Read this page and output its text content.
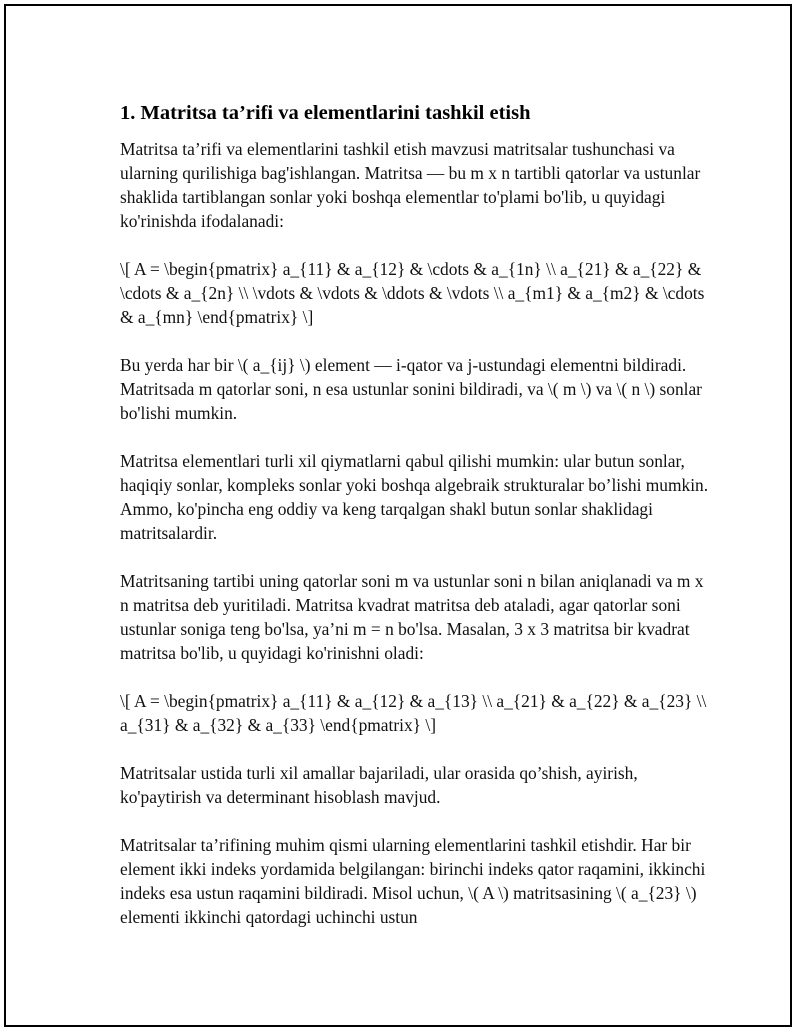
1. Matritsa ta’rifi va elementlarini tashkil etish

Matritsa ta’rifi va elementlarini tashkil etish mavzusi matritsalar tushunchasi va ularning qurilishiga bag'ishlangan. Matritsa — bu m x n tartibli qatorlar va ustunlar shaklida tartiblangan sonlar yoki boshqa elementlar to'plami bo'lib, u quyidagi ko'rinishda ifodalanadi:

\[ A = \begin{pmatrix} a_{11} & a_{12} & \cdots & a_{1n} \\ a_{21} & a_{22} & \cdots & a_{2n} \\ \vdots & \vdots & \ddots & \vdots \\ a_{m1} & a_{m2} & \cdots & a_{mn} \end{pmatrix} \]

Bu yerda har bir \( a_{ij} \) element — i-qator va j-ustundagi elementni bildiradi. Matritsada m qatorlar soni, n esa ustunlar sonini bildiradi, va \( m \) va \( n \) sonlar bo'lishi mumkin.

Matritsa elementlari turli xil qiymatlarni qabul qilishi mumkin: ular butun sonlar, haqiqiy sonlar, kompleks sonlar yoki boshqa algebraik strukturalar bo’lishi mumkin. Ammo, ko'pincha eng oddiy va keng tarqalgan shakl butun sonlar shaklidagi matritsalardir.

Matritsaning tartibi uning qatorlar soni m va ustunlar soni n bilan aniqlanadi va m x n matritsa deb yuritiladi. Matritsa kvadrat matritsa deb ataladi, agar qatorlar soni ustunlar soniga teng bo'lsa, ya’ni m = n bo'lsa. Masalan, 3 x 3 matritsa bir kvadrat matritsa bo'lib, u quyidagi ko'rinishni oladi:

\[ A = \begin{pmatrix} a_{11} & a_{12} & a_{13} \\ a_{21} & a_{22} & a_{23} \\ a_{31} & a_{32} & a_{33} \end{pmatrix} \]

Matritsalar ustida turli xil amallar bajariladi, ular orasida qo’shish, ayirish, ko'paytirish va determinant hisoblash mavjud.

Matritsalar ta’rifining muhim qismi ularning elementlarini tashkil etishdir. Har bir element ikki indeks yordamida belgilangan: birinchi indeks qator raqamini, ikkinchi indeks esa ustun raqamini bildiradi. Misol uchun, \( A \) matritsasining \( a_{23} \) elementi ikkinchi qatordagi uchinchi ustun
